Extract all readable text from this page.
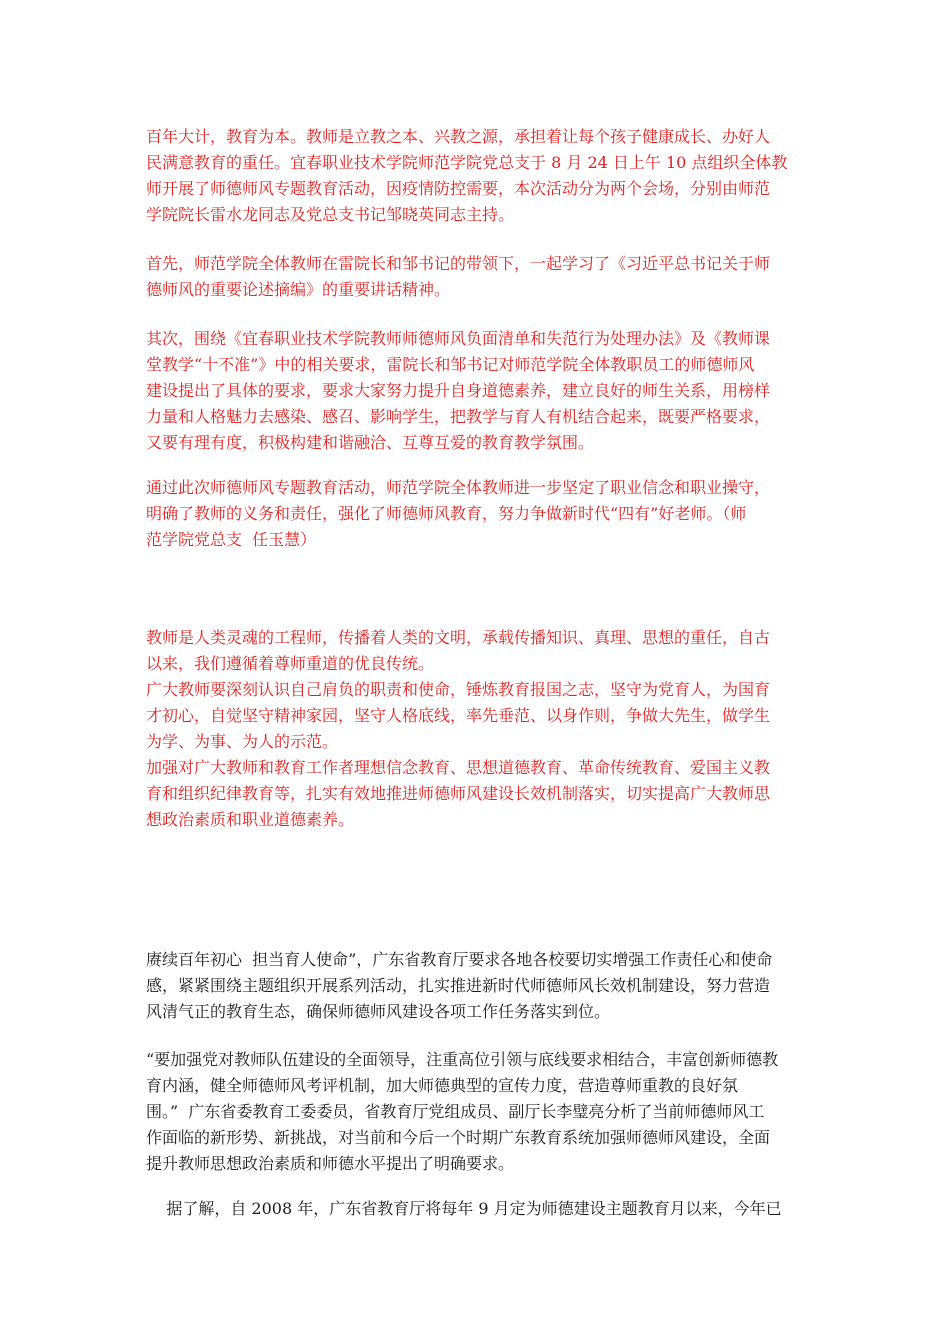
百年大计，教育为本。教师是立教之本、兴教之源，承担着让每个孩子健康成长、办好人
民满意教育的重任。宜春职业技术学院师范学院党总支于 8 月 24 日上午 10 点组织全体教
师开展了师德师风专题教育活动，因疫情防控需要，本次活动分为两个会场，分别由师范
学院院长雷水龙同志及党总支书记邹晓英同志主持。
首先，师范学院全体教师在雷院长和邹书记的带领下，一起学习了《习近平总书记关于师
德师风的重要论述摘编》的重要讲话精神。
其次，围绕《宜春职业技术学院教师师德师风负面清单和失范行为处理办法》及《教师课
堂教学“十不准”》中的相关要求，雷院长和邹书记对师范学院全体教职员工的师德师风
建设提出了具体的要求，要求大家努力提升自身道德素养，建立良好的师生关系，用榜样
力量和人格魅力去感染、感召、影响学生，把教学与育人有机结合起来，既要严格要求，
又要有理有度，积极构建和谐融洽、互尊互爱的教育教学氛围。
通过此次师德师风专题教育活动，师范学院全体教师进一步坚定了职业信念和职业操守，
明确了教师的义务和责任，强化了师德师风教育，努力争做新时代“四有”好老师。（师
范学院党总支  任玉慧）
教师是人类灵魂的工程师，传播着人类的文明，承载传播知识、真理、思想的重任，自古
以来，我们遵循着尊师重道的优良传统。
广大教师要深刻认识自己肩负的职责和使命，锤炼教育报国之志，坚守为党育人，为国育
才初心，自觉坚守精神家园，坚守人格底线，率先垂范、以身作则，争做大先生，做学生
为学、为事、为人的示范。
加强对广大教师和教育工作者理想信念教育、思想道德教育、革命传统教育、爱国主义教
育和组织纪律教育等，扎实有效地推进师德师风建设长效机制落实，切实提高广大教师思
想政治素质和职业道德素养。
赓续百年初心  担当育人使命”，广东省教育厅要求各地各校要切实增强工作责任心和使命
感，紧紧围绕主题组织开展系列活动，扎实推进新时代师德师风长效机制建设，努力营造
风清气正的教育生态，确保师德师风建设各项工作任务落实到位。
“要加强党对教师队伍建设的全面领导，注重高位引领与底线要求相结合，丰富创新师德教
育内涵，健全师德师风考评机制，加大师德典型的宣传力度，营造尊师重教的良好氛
围。”  广东省委教育工委委员，省教育厅党组成员、副厅长李璧亮分析了当前师德师风工
作面临的新形势、新挑战，对当前和今后一个时期广东教育系统加强师德师风建设，全面
提升教师思想政治素质和师德水平提出了明确要求。
据了解，自 2008 年，广东省教育厅将每年 9 月定为师德建设主题教育月以来，今年已
